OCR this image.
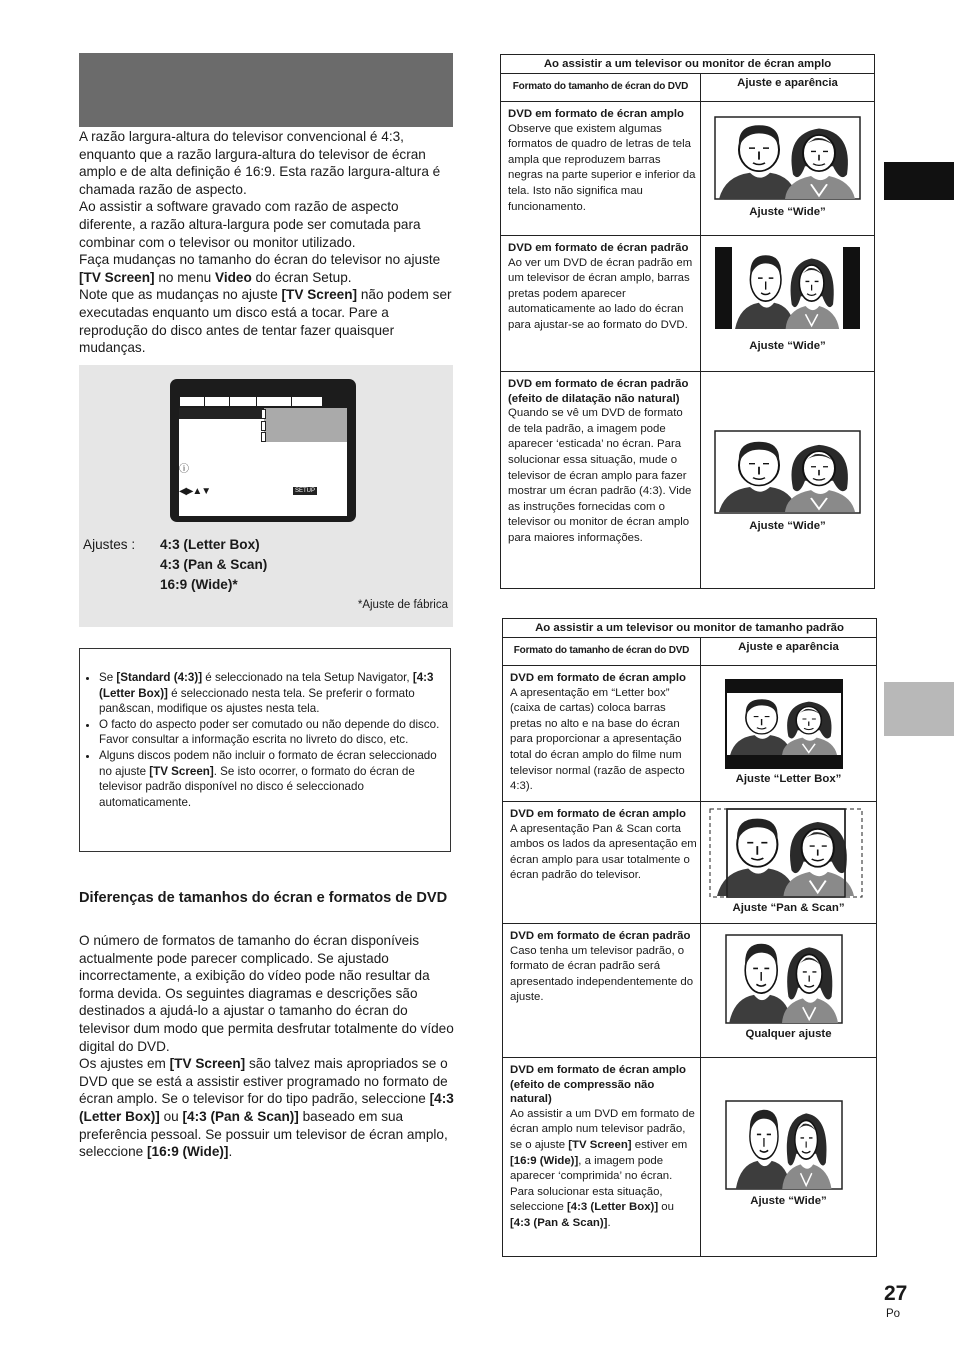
A razão largura-altura do televisor convencional é 4:3, enquanto que a razão largura-altura do televisor de écran amplo e de alta definição é 16:9. Esta razão largura-altura é chamada razão de aspecto.

Ao assistir a software gravado com razão de aspecto diferente, a razão altura-largura pode ser comutada para combinar com o televisor ou monitor utilizado.

Faça mudanças no tamanho do écran do televisor no ajuste [TV Screen] no menu Video do écran Setup.

Note que as mudanças no ajuste [TV Screen] não podem ser executadas enquanto um disco está a tocar. Pare a reprodução do disco antes de tentar fazer quaisquer mudanças.

ⓘ
◀▶▲▼	SETUP
Ajustes :	4:3 (Letter Box)
4:3 (Pan & Scan)
16:9 (Wide)*
*Ajuste de fábrica
• Se [Standard (4:3)] é seleccionado na tela Setup Navigator, [4:3 (Letter Box)] é seleccionado nesta tela. Se preferir o formato pan&scan, modifique os ajustes nesta tela.
• O facto do aspecto poder ser comutado ou não depende do disco. Favor consultar a informação escrita no livreto do disco, etc.
• Alguns discos podem não incluir o formato de écran seleccionado no ajuste [TV Screen]. Se isto ocorrer, o formato do écran de televisor padrão disponível no disco é seleccionado automaticamente.
Diferenças de tamanhos do écran e formatos de DVD

O número de formatos de tamanho do écran disponíveis actualmente pode parecer complicado. Se ajustado incorrectamente, a exibição do vídeo pode não resultar da forma devida. Os seguintes diagramas e descrições são destinados a ajudá-lo a ajustar o tamanho do écran do televisor dum modo que permita desfrutar totalmente do vídeo digital do DVD.

Os ajustes em [TV Screen] são talvez mais apropriados se o DVD que se está a assistir estiver programado no formato de écran amplo. Se o televisor for do tipo padrão, seleccione [4:3 (Letter Box)] ou [4:3 (Pan & Scan)] baseado em sua preferência pessoal. Se possuir um televisor de écran amplo, seleccione [16:9 (Wide)].

Ao assistir a um televisor ou monitor de écran amplo	
Formato do tamanho de écran do DVD	Ajuste e aparência

DVD em formato de écran amplo
Observe que existem algumas formatos de quadro de letras de tela ampla que reproduzem barras negras na parte superior e inferior da tela. Isto não significa mau funcionamento.	Ajuste “Wide”

DVD em formato de écran padrão
Ao ver um DVD de écran padrão em um televisor de écran amplo, barras pretas podem aparecer automaticamente ao lado do écran para ajustar-se ao formato do DVD.	Ajuste “Wide”

DVD em formato de écran padrão (efeito de dilatação não natural)
Quando se vê um DVD de formato de tela padrão, a imagem pode aparecer ‘esticada’ no écran. Para solucionar essa situação, mude o televisor de écran amplo para fazer mostrar um écran padrão (4:3). Vide as instruções fornecidas com o televisor ou monitor de écran amplo para maiores informações.	Ajuste “Wide”
Ao assistir a um televisor ou monitor de tamanho padrão	
Formato do tamanho de écran do DVD	Ajuste e aparência

DVD em formato de écran amplo
A apresentação em “Letter box” (caixa de cartas) coloca barras pretas no alto e na base do écran para proporcionar a apresentação total do écran amplo do filme num televisor normal (razão de aspecto 4:3).	Ajuste “Letter Box”

DVD em formato de écran amplo
A apresentação Pan & Scan corta ambos os lados da apresentação em écran amplo para usar totalmente o écran padrão do televisor.	Ajuste “Pan & Scan”

DVD em formato de écran padrão
Caso tenha um televisor padrão, o formato de écran padrão será apresentado independentemente do ajuste.	Qualquer ajuste

DVD em formato de écran amplo (efeito de compressão não natural)
Ao assistir a um DVD em formato de écran amplo num televisor padrão, se o ajuste [TV Screen] estiver em [16:9 (Wide)], a imagem pode aparecer ‘comprimida’ no écran. Para solucionar esta situação, seleccione [4:3 (Letter Box)] ou [4:3 (Pan & Scan)].	Ajuste “Wide”
27
Po
